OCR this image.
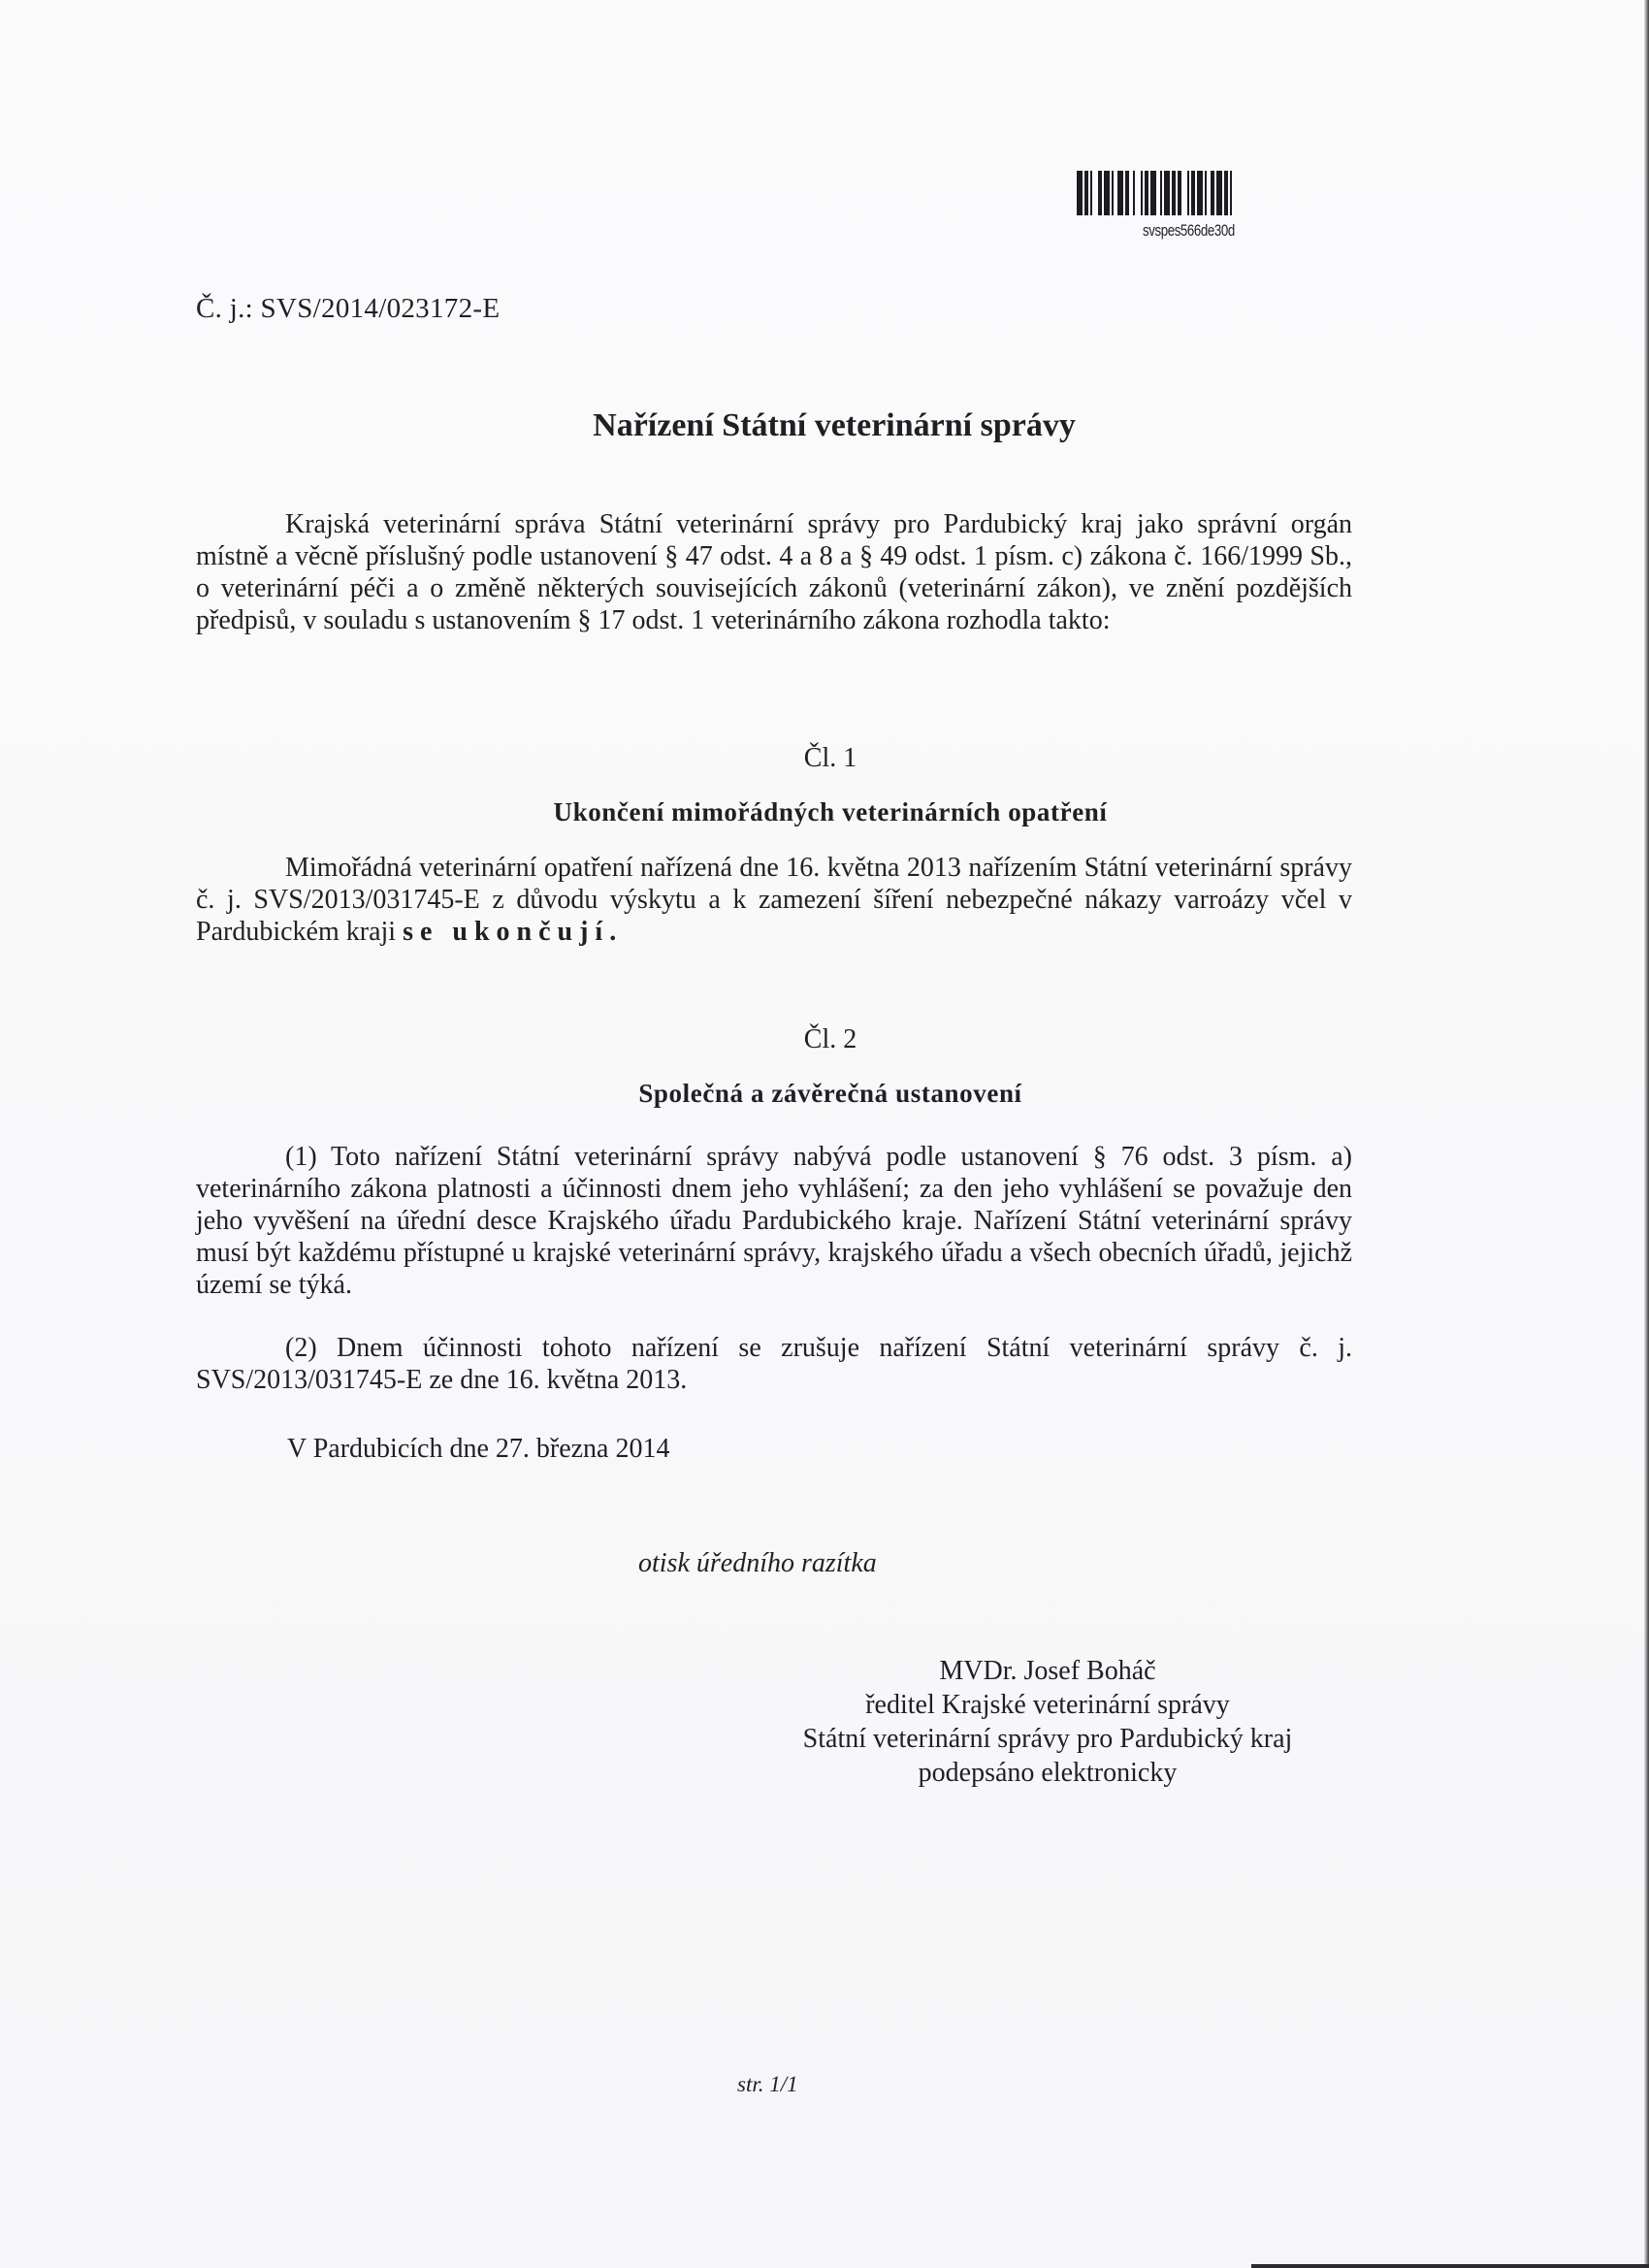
svspes566de30d
Č. j.: SVS/2014/023172-E
Nařízení Státní veterinární správy

Krajská veterinární správa Státní veterinární správy pro Pardubický kraj jako správní orgán místně a věcně příslušný podle ustanovení § 47 odst. 4 a 8 a § 49 odst. 1 písm. c) zákona č. 166/1999 Sb., o veterinární péči a o změně některých souvisejících zákonů (veterinární zákon), ve znění pozdějších předpisů, v souladu s ustanovením § 17 odst. 1 veterinárního zákona rozhodla takto:

Čl. 1
Ukončení mimořádných veterinárních opatření

Mimořádná veterinární opatření nařízená dne 16. května 2013 nařízením Státní veterinární správy č. j. SVS/2013/031745-E z důvodu výskytu a k zamezení šíření nebezpečné nákazy varroázy včel v Pardubickém kraji se ukončují.

Čl. 2
Společná a závěrečná ustanovení

(1) Toto nařízení Státní veterinární správy nabývá podle ustanovení § 76 odst. 3 písm. a) veterinárního zákona platnosti a účinnosti dnem jeho vyhlášení; za den jeho vyhlášení se považuje den jeho vyvěšení na úřední desce Krajského úřadu Pardubického kraje. Nařízení Státní veterinární správy musí být každému přístupné u krajské veterinární správy, krajského úřadu a všech obecních úřadů, jejichž území se týká.

(2) Dnem účinnosti tohoto nařízení se zrušuje nařízení Státní veterinární správy č. j. SVS/2013/031745-E ze dne 16. května 2013.

V Pardubicích dne 27. března 2014
otisk úředního razítka
MVDr. Josef Boháč
ředitel Krajské veterinární správy
Státní veterinární správy pro Pardubický kraj
podepsáno elektronicky
str. 1/1
